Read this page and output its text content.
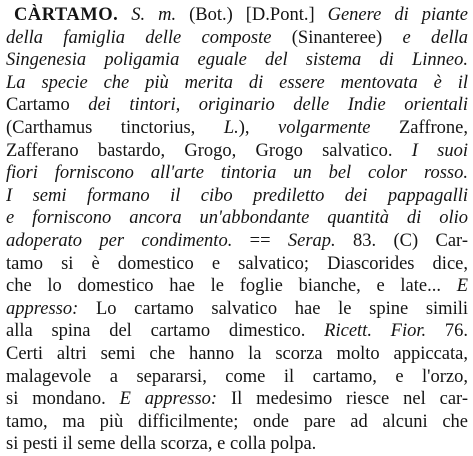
CÀRTAMO. S. m. (Bot.) [D.Pont.] Genere di piante
della famiglia delle composte (Sinanteree) e della
Singenesia poligamia eguale del sistema di Linneo.
La specie che più merita di essere mentovata è il
Cartamo dei tintori, originario delle Indie orientali
(Carthamus tinctorius, L.), volgarmente Zaffrone,
Zafferano bastardo, Grogo, Grogo salvatico. I suoi
fiori forniscono all'arte tintoria un bel color rosso.
I semi formano il cibo prediletto dei pappagalli
e forniscono ancora un'abbondante quantità di olio
adoperato per condimento. == Serap. 83. (C) Car-
tamo si è domestico e salvatico; Diascorides dice,
che lo domestico hae le foglie bianche, e late... E
appresso: Lo cartamo salvatico hae le spine simili
alla spina del cartamo dimestico. Ricett. Fior. 76.
Certi altri semi che hanno la scorza molto appiccata,
malagevole a separarsi, come il cartamo, e l'orzo,
si mondano. E appresso: Il medesimo riesce nel car-
tamo, ma più difficilmente; onde pare ad alcuni che
si pesti il seme della scorza, e colla polpa.
